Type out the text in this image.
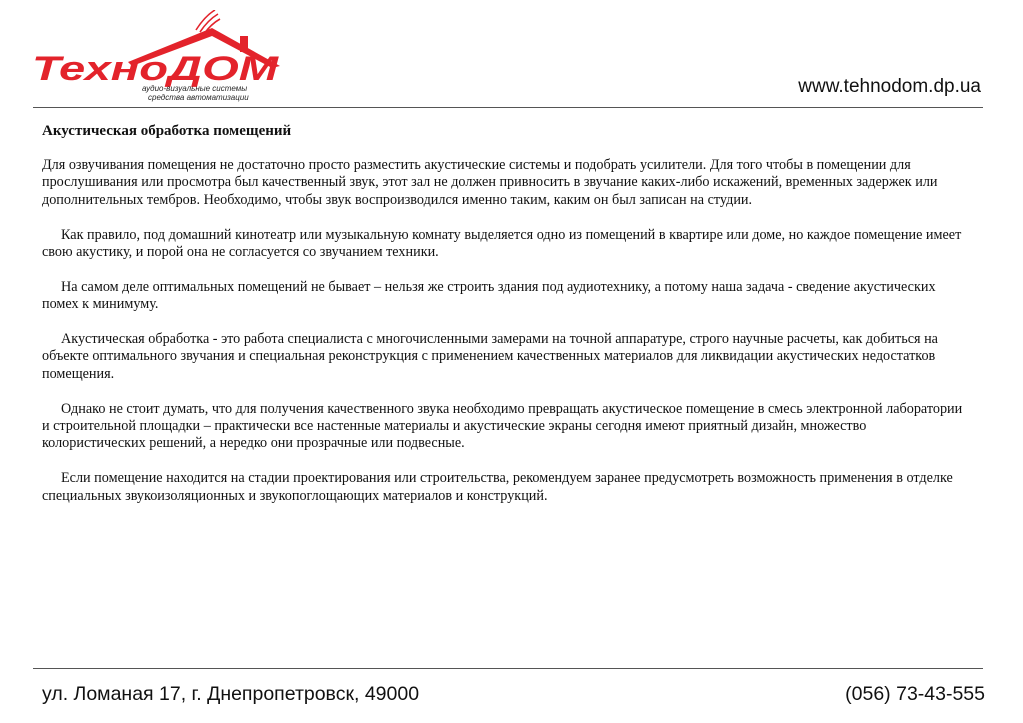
ТехноДОМ
аудио-визуальные системы
средства автоматизации
www.tehnodom.dp.ua
Акустическая обработка помещений

Для озвучивания помещения не достаточно просто разместить акустические системы и подобрать усилители. Для того чтобы в помещении для прослушивания или просмотра был качественный звук, этот зал не должен привносить в звучание каких-либо искажений, временных задержек или дополнительных тембров. Необходимо, чтобы звук воспроизводился именно таким, каким он был записан на студии.

Как правило, под домашний кинотеатр или музыкальную комнату выделяется одно из помещений в квартире или доме, но каждое помещение имеет свою акустику, и порой она не согласуется со звучанием техники.

На самом деле оптимальных помещений не бывает – нельзя же строить здания под аудиотехнику, а потому наша задача - сведение акустических помех к минимуму.

Акустическая обработка - это работа специалиста с многочисленными замерами на точной аппаратуре, строго научные расчеты, как добиться на объекте оптимального звучания и специальная реконструкция с применением качественных материалов для ликвидации акустических недостатков помещения.

Однако не стоит думать, что для получения качественного звука необходимо превращать акустическое помещение в смесь электронной лаборатории и строительной площадки – практически все настенные материалы и акустические экраны сегодня имеют приятный дизайн, множество колористических решений, а нередко они прозрачные или подвесные.

Если помещение находится на стадии проектирования или строительства, рекомендуем заранее предусмотреть возможность применения в отделке специальных звукоизоляционных и звукопоглощающих материалов и конструкций.

ул. Ломаная 17, г. Днепропетровск, 49000	(056) 73-43-555
